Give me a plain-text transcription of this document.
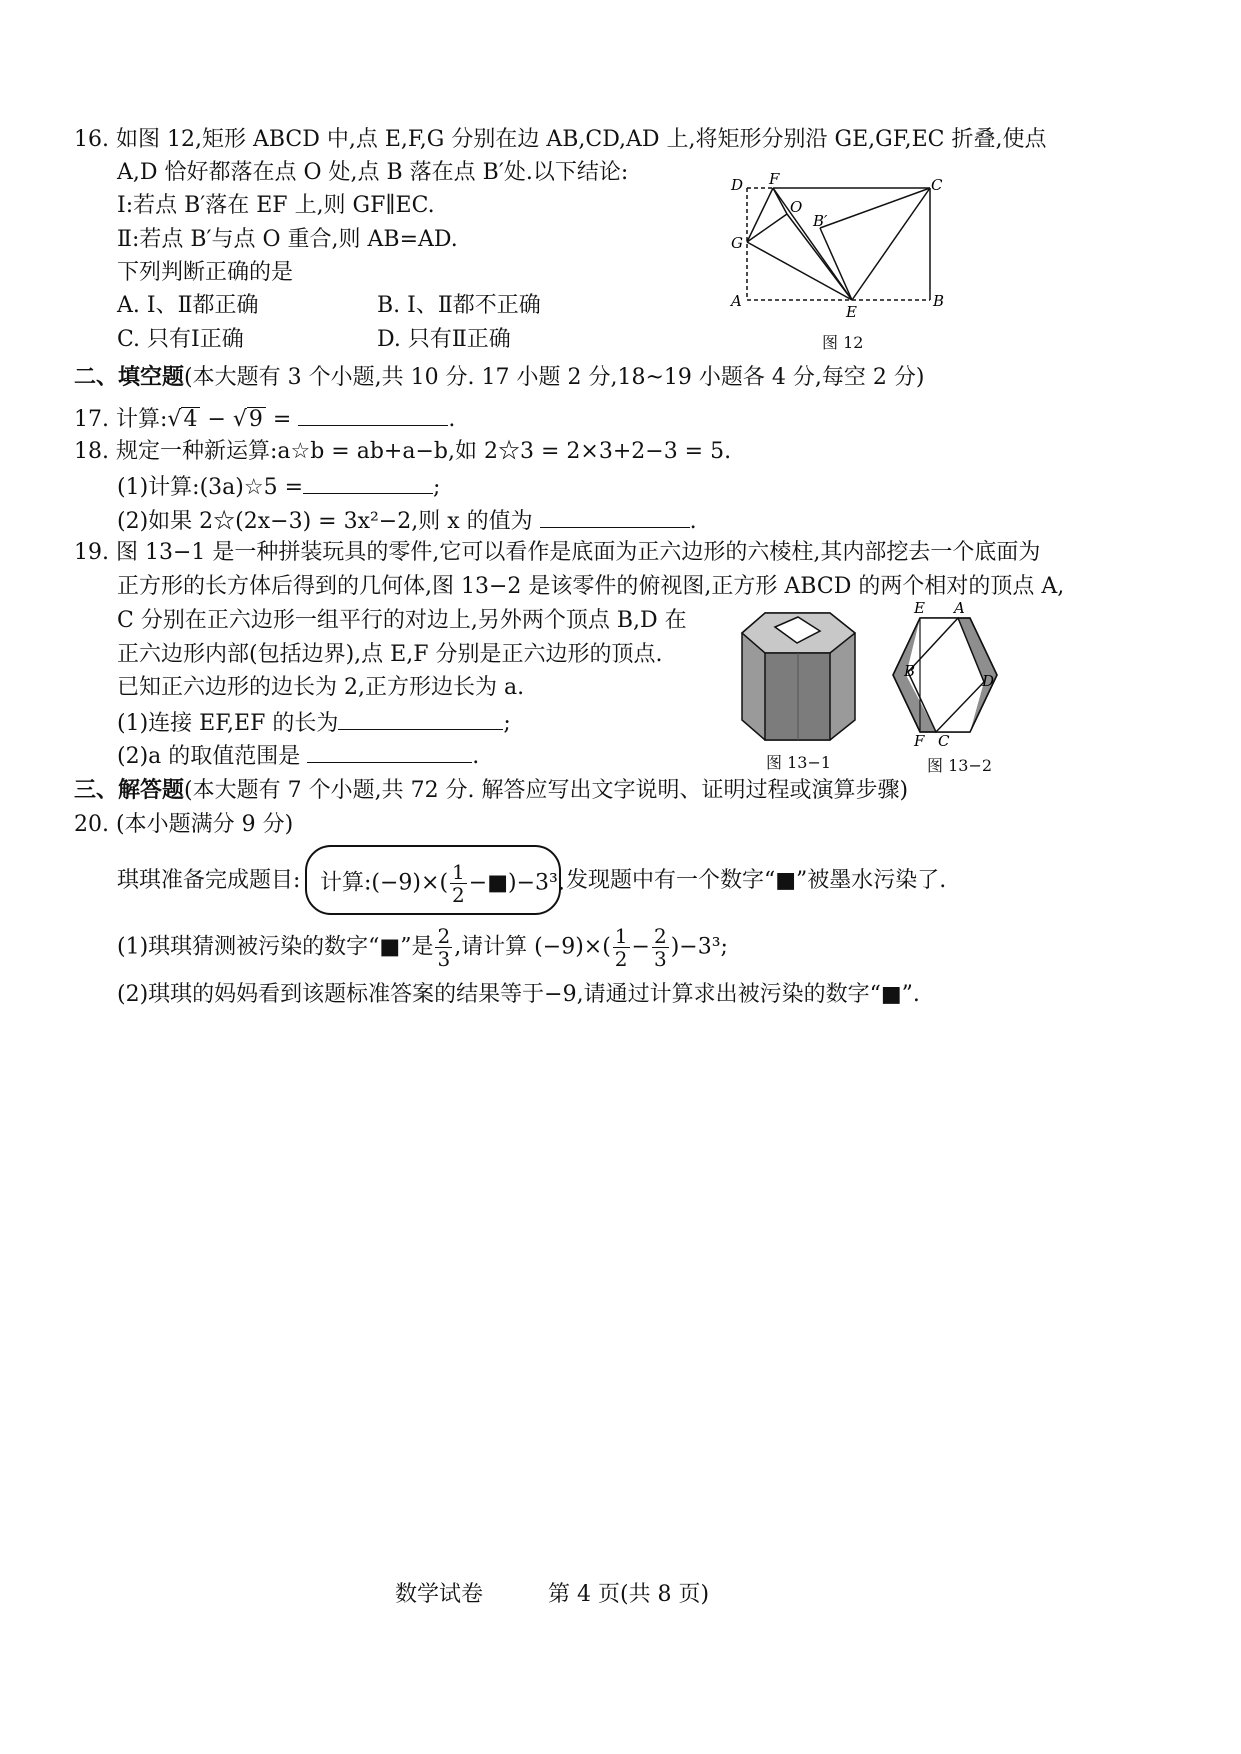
16. 如图 12,矩形 ABCD 中,点 E,F,G 分别在边 AB,CD,AD 上,将矩形分别沿 GE,GF,EC 折叠,使点
A,D 恰好都落在点 O 处,点 B 落在点 B′处.以下结论:
Ⅰ:若点 B′落在 EF 上,则 GF∥EC.
Ⅱ:若点 B′与点 O 重合,则 AB=AD.
下列判断正确的是
A. Ⅰ、Ⅱ都正确	B. Ⅰ、Ⅱ都不正确
C. 只有Ⅰ正确	D. 只有Ⅱ正确
D F	C
O
B′
G
A
E
B
图 12
二、填空题(本大题有 3 个小题,共 10 分. 17 小题 2 分,18~19 小题各 4 分,每空 2 分)
17. 计算:√4 − √9 =	.
18. 规定一种新运算:a☆b = ab+a−b,如 2☆3 = 2×3+2−3 = 5.
(1)计算:(3a)☆5 =	;
(2)如果 2☆(2x−3) = 3x²−2,则 x 的值为	.
19. 图 13−1 是一种拼装玩具的零件,它可以看作是底面为正六边形的六棱柱,其内部挖去一个底面为
正方形的长方体后得到的几何体,图 13−2 是该零件的俯视图,正方形 ABCD 的两个相对的顶点 A,
C 分别在正六边形一组平行的对边上,另外两个顶点 B,D 在
正六边形内部(包括边界),点 E,F 分别是正六边形的顶点.
已知正六边形的边长为 2,正方形边长为 a.
(1)连接 EF,EF 的长为	;
(2)a 的取值范围是	.	图 13−1
E A
B
D
F C
图 13−2
三、解答题(本大题有 7 个小题,共 72 分. 解答应写出文字说明、证明过程或演算步骤)
20. (本小题满分 9 分)
琪琪准备完成题目: 计算:(−9)×( $\frac{1}{2}$ −■)−3³. 发现题中有一个数字“■”被墨水污染了.
(1)琪琪猜测被污染的数字“■”是 $\frac{2}{3}$ ,请计算 $(-9)\times( \frac{1}{2} - \frac{2}{3} )-3^3$;
(2)琪琪的妈妈看到该题标准答案的结果等于−9,请通过计算求出被污染的数字“■”.
数学试卷	第 4 页(共 8 页)
